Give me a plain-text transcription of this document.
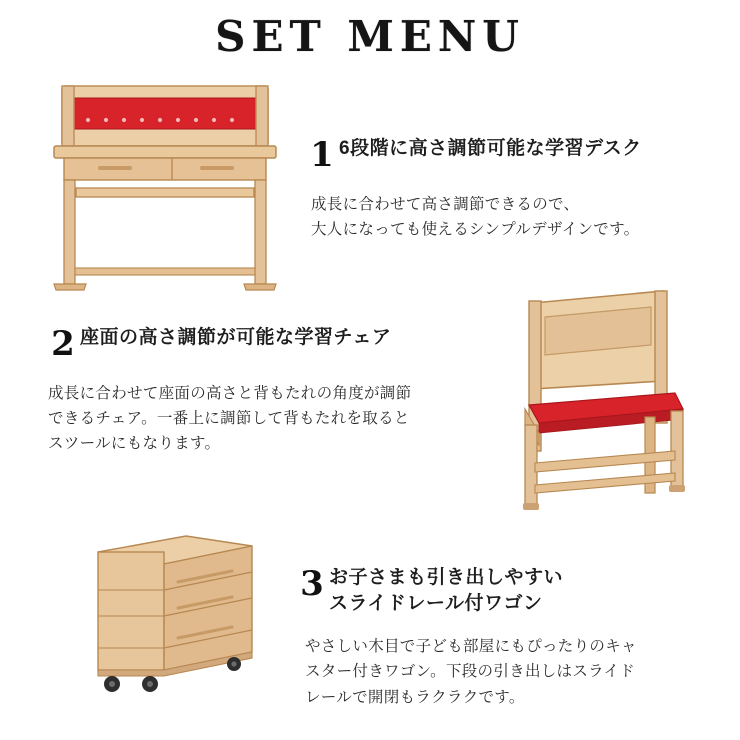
SET MENU
1 6段階に高さ調節可能な学習デスク
成長に合わせて高さ調節できるので、
大人になっても使えるシンプルデザインです。
2 座面の高さ調節が可能な学習チェア
成長に合わせて座面の高さと背もたれの角度が調節
できるチェア。一番上に調節して背もたれを取ると
スツールにもなります。
3 お子さまも引き出しやすい
スライドレール付ワゴン
やさしい木目で子ども部屋にもぴったりのキャ
スター付きワゴン。下段の引き出しはスライド
レールで開閉もラクラクです。
